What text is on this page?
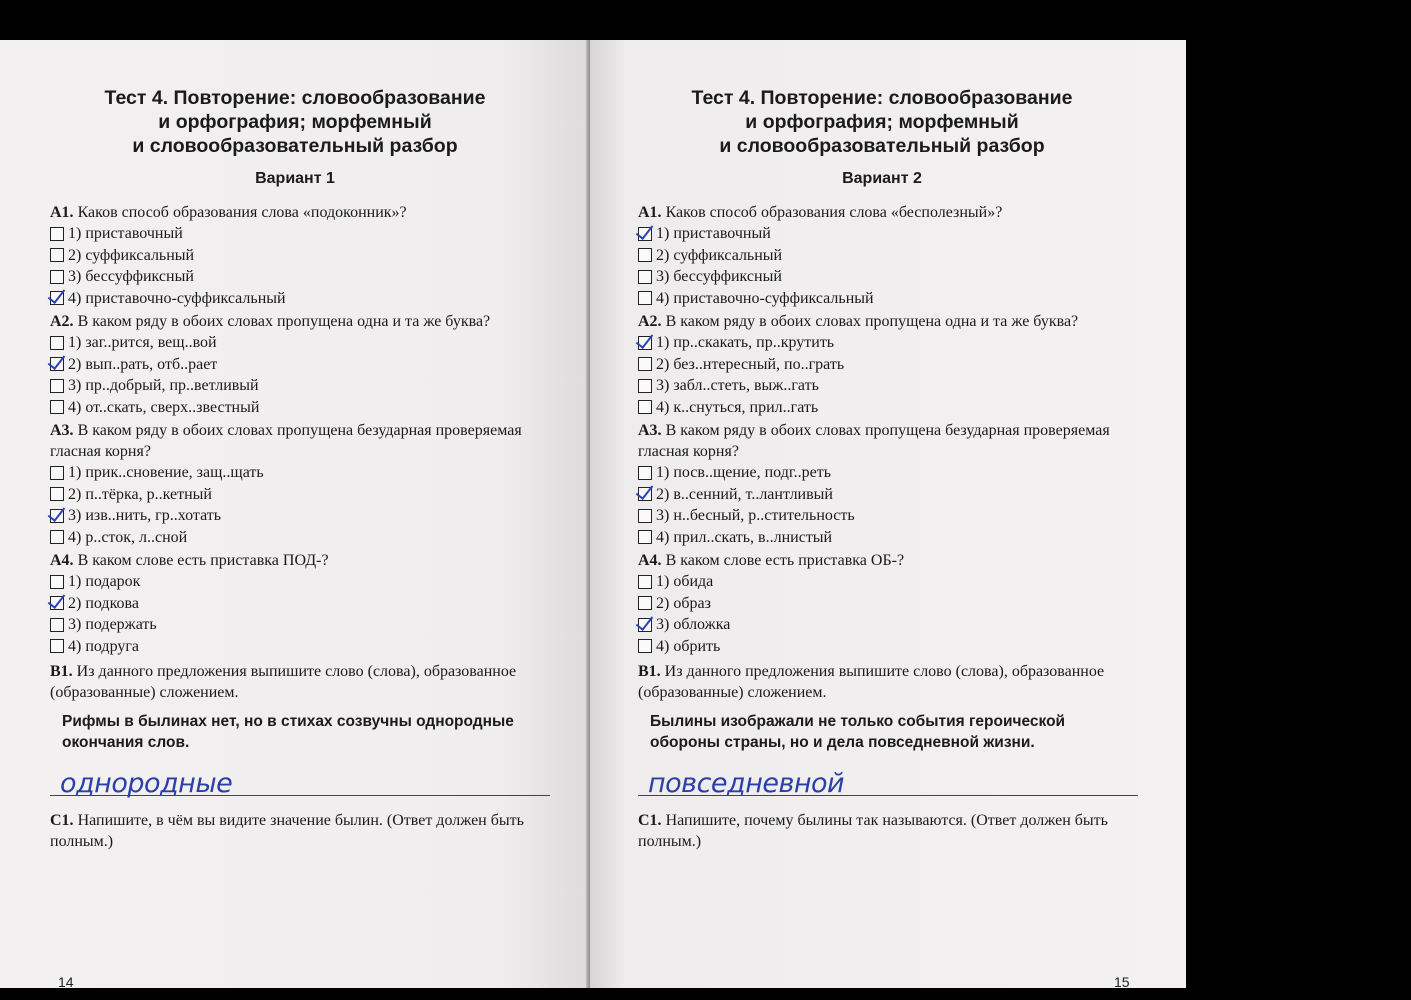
Тест 4. Повторение: словообразование
и орфография; морфемный
и словообразовательный разбор
Вариант 1

А1. Каков способ образования слова «подоконник»?

1) приставочный
2) суффиксальный
3) бессуффиксный
4) приставочно-суффиксальный

А2. В каком ряду в обоих словах пропущена одна и та же буква?

1) заг..рится, вещ..вой
2) вып..рать, отб..рает
3) пр..добрый, пр..ветливый
4) от..скать, сверх..звестный

А3. В каком ряду в обоих словах пропущена безударная проверяемая гласная корня?

1) прик..сновение, защ..щать
2) п..тёрка, р..кетный
3) изв..нить, гр..хотать
4) р..сток, л..сной

А4. В каком слове есть приставка ПОД-?

1) подарок
2) подкова
3) подержать
4) подруга

В1. Из данного предложения выпишите слово (слова), образованное (образованные) сложением.

Рифмы в былинах нет, но в стихах созвучны однородные окончания слов.
однородные

С1. Напишите, в чём вы видите значение былин. (Ответ должен быть полным.)

14
Тест 4. Повторение: словообразование
и орфография; морфемный
и словообразовательный разбор
Вариант 2

А1. Каков способ образования слова «бесполезный»?

1) приставочный
2) суффиксальный
3) бессуффиксный
4) приставочно-суффиксальный

А2. В каком ряду в обоих словах пропущена одна и та же буква?

1) пр..скакать, пр..крутить
2) без..нтересный, по..грать
3) забл..стеть, выж..гать
4) к..снуться, прил..гать

А3. В каком ряду в обоих словах пропущена безударная проверяемая гласная корня?

1) посв..щение, подг..реть
2) в..сенний, т..лантливый
3) н..бесный, р..стительность
4) прил..скать, в..лнистый

А4. В каком слове есть приставка ОБ-?

1) обида
2) образ
3) обложка
4) обрить

В1. Из данного предложения выпишите слово (слова), образованное (образованные) сложением.

Былины изображали не только события героической обороны страны, но и дела повседневной жизни.
повседневной

С1. Напишите, почему былины так называются. (Ответ должен быть полным.)

15
